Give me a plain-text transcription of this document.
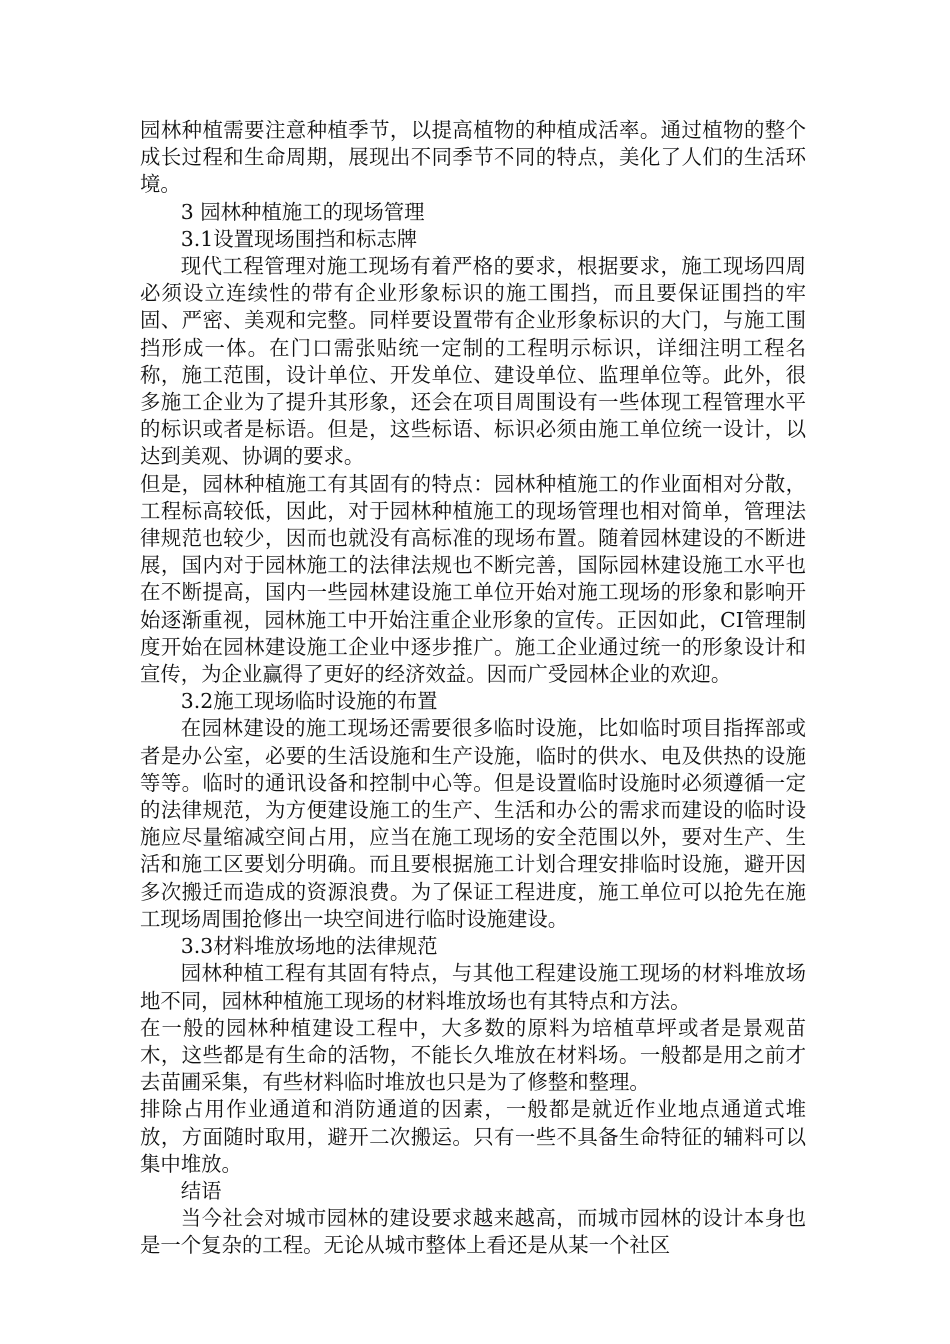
园林种植需要注意种植季节，以提高植物的种植成活率。通过植物的整个成长过程和生命周期，展现出不同季节不同的特点，美化了人们的生活环境。

3 园林种植施工的现场管理

3.1设置现场围挡和标志牌

现代工程管理对施工现场有着严格的要求，根据要求，施工现场四周必须设立连续性的带有企业形象标识的施工围挡，而且要保证围挡的牢固、严密、美观和完整。同样要设置带有企业形象标识的大门，与施工围挡形成一体。在门口需张贴统一定制的工程明示标识，详细注明工程名称，施工范围，设计单位、开发单位、建设单位、监理单位等。此外，很多施工企业为了提升其形象，还会在项目周围设有一些体现工程管理水平的标识或者是标语。但是，这些标语、标识必须由施工单位统一设计，以达到美观、协调的要求。

但是，园林种植施工有其固有的特点：园林种植施工的作业面相对分散，工程标高较低，因此，对于园林种植施工的现场管理也相对简单，管理法律规范也较少，因而也就没有高标准的现场布置。随着园林建设的不断进展，国内对于园林施工的法律法规也不断完善，国际园林建设施工水平也在不断提高，国内一些园林建设施工单位开始对施工现场的形象和影响开始逐渐重视，园林施工中开始注重企业形象的宣传。正因如此，CI管理制度开始在园林建设施工企业中逐步推广。施工企业通过统一的形象设计和宣传，为企业赢得了更好的经济效益。因而广受园林企业的欢迎。

3.2施工现场临时设施的布置

在园林建设的施工现场还需要很多临时设施，比如临时项目指挥部或者是办公室，必要的生活设施和生产设施，临时的供水、电及供热的设施等等。临时的通讯设备和控制中心等。但是设置临时设施时必须遵循一定的法律规范，为方便建设施工的生产、生活和办公的需求而建设的临时设施应尽量缩减空间占用，应当在施工现场的安全范围以外，要对生产、生活和施工区要划分明确。而且要根据施工计划合理安排临时设施，避开因多次搬迁而造成的资源浪费。为了保证工程进度，施工单位可以抢先在施工现场周围抢修出一块空间进行临时设施建设。

3.3材料堆放场地的法律规范

园林种植工程有其固有特点，与其他工程建设施工现场的材料堆放场地不同，园林种植施工现场的材料堆放场也有其特点和方法。

在一般的园林种植建设工程中，大多数的原料为培植草坪或者是景观苗木，这些都是有生命的活物，不能长久堆放在材料场。一般都是用之前才去苗圃采集，有些材料临时堆放也只是为了修整和整理。

排除占用作业通道和消防通道的因素，一般都是就近作业地点通道式堆放，方面随时取用，避开二次搬运。只有一些不具备生命特征的辅料可以集中堆放。

结语

当今社会对城市园林的建设要求越来越高，而城市园林的设计本身也是一个复杂的工程。无论从城市整体上看还是从某一个社区
